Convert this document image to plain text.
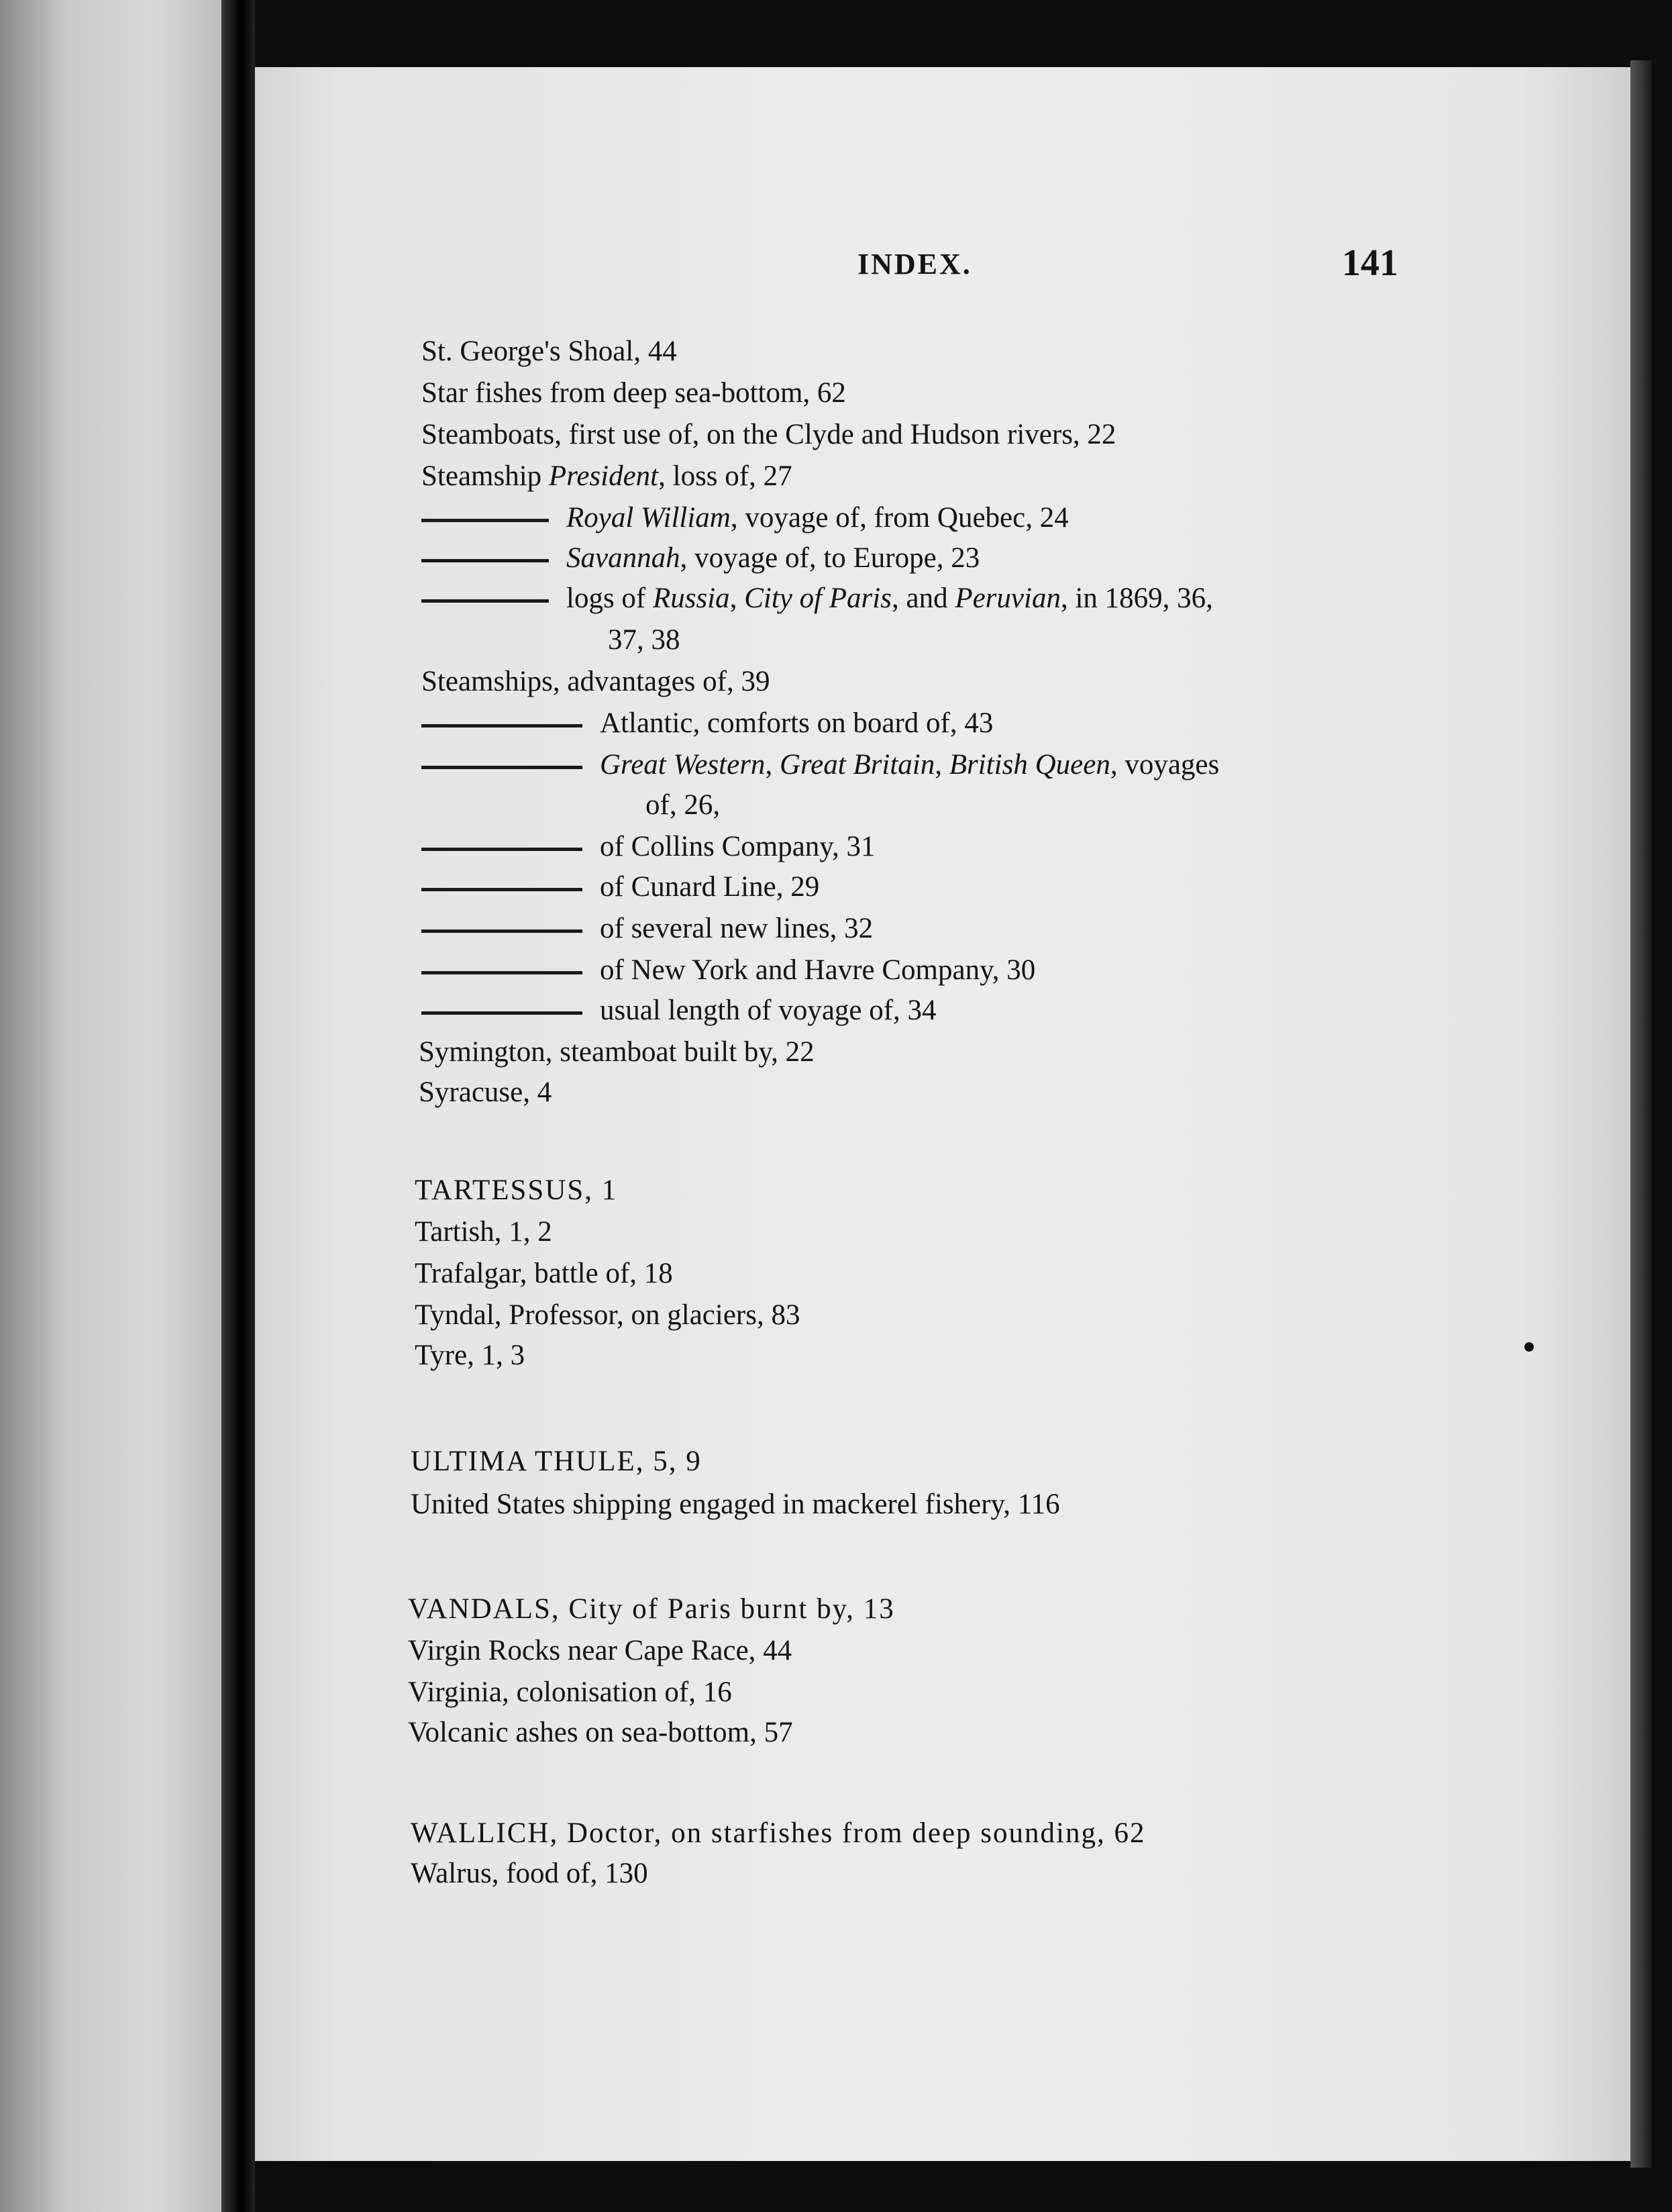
INDEX.	141
St. George's Shoal, 44
Star fishes from deep sea-bottom, 62
Steamboats, first use of, on the Clyde and Hudson rivers, 22
Steamship President, loss of, 27
Royal William, voyage of, from Quebec, 24
Savannah, voyage of, to Europe, 23
logs of Russia, City of Paris, and Peruvian, in 1869, 36,
37, 38
Steamships, advantages of, 39
Atlantic, comforts on board of, 43
Great Western, Great Britain, British Queen, voyages
of, 26,
of Collins Company, 31
of Cunard Line, 29
of several new lines, 32
of New York and Havre Company, 30
usual length of voyage of, 34
Symington, steamboat built by, 22
Syracuse, 4
TARTESSUS, 1
Tartish, 1, 2
Trafalgar, battle of, 18
Tyndal, Professor, on glaciers, 83
Tyre, 1, 3
ULTIMA THULE, 5, 9
United States shipping engaged in mackerel fishery, 116
VANDALS, City of Paris burnt by, 13
Virgin Rocks near Cape Race, 44
Virginia, colonisation of, 16
Volcanic ashes on sea-bottom, 57
WALLICH, Doctor, on starfishes from deep sounding, 62
Walrus, food of, 130
